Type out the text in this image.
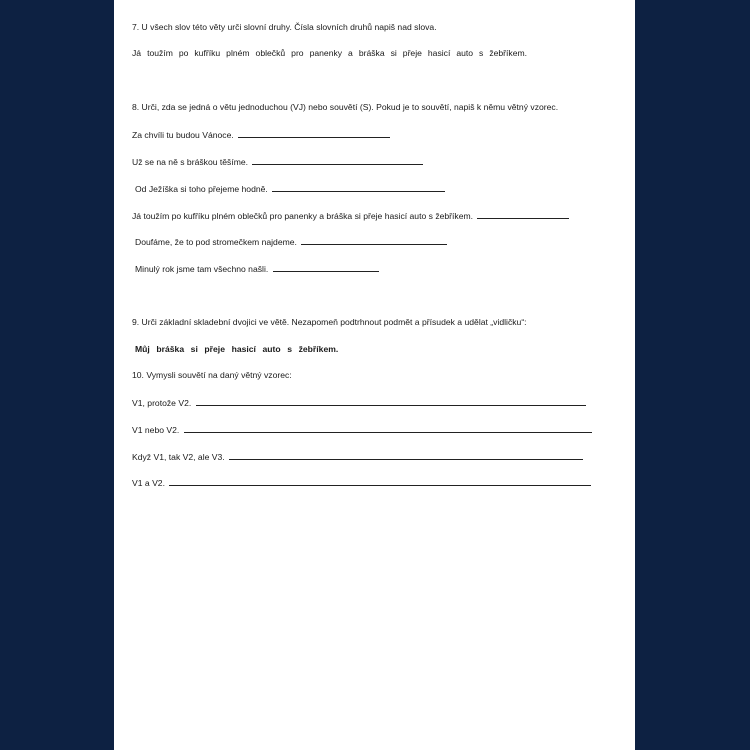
7. U všech slov této věty urči slovní druhy. Čísla slovních druhů napiš nad slova.
Já toužím po kufříku plném oblečků pro panenky a bráška si přeje hasicí auto s žebříkem.
8. Urči, zda se jedná o větu jednoduchou (VJ) nebo souvětí (S). Pokud je to souvětí, napiš k němu větný vzorec.
Za chvíli tu budou Vánoce.
Už se na ně s bráškou těšíme.
Od Ježíška si toho přejeme hodně.
Já toužím po kufříku plném oblečků pro panenky a bráška si přeje hasicí auto s žebříkem.
Doufáme, že to pod stromečkem najdeme.
Minulý rok jsme tam všechno našli.
9. Urči základní skladební dvojici ve větě. Nezapomeň podtrhnout podmět a přísudek a udělat „vidličku“:
Můj bráška si přeje hasicí auto s žebříkem.
10. Vymysli souvětí na daný větný vzorec:
V1, protože V2.
V1 nebo V2.
Když V1, tak V2, ale V3.
V1 a V2.
